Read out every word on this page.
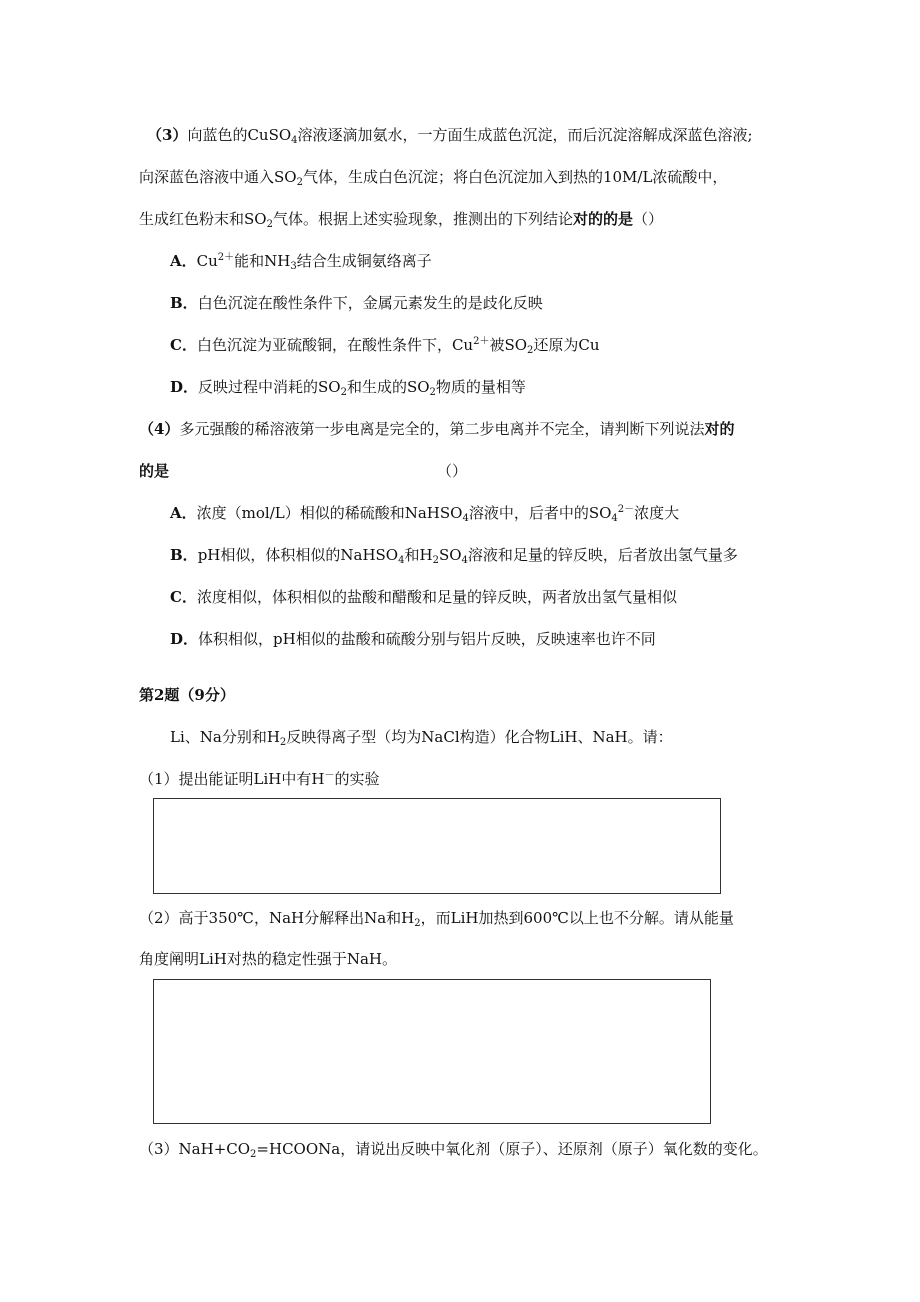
（3）向蓝色的CuSO$_4$溶液逐滴加氨水，一方面生成蓝色沉淀，而后沉淀溶解成深蓝色溶液;
向深蓝色溶液中通入$SO_2$气体，生成白色沉淀；将白色沉淀加入到热的10M/L浓硫酸中，
生成红色粉末和$SO_2$气体。根据上述实验现象，推测出的下列结论对的的是（）
A．$Cu^{2+}$能和$NH_3$结合生成铜氨络离子
B．白色沉淀在酸性条件下，金属元素发生的是歧化反映
C．白色沉淀为亚硫酸铜，在酸性条件下，$Cu^{2+}$被$SO_2$还原为Cu
D．反映过程中消耗的$SO_2$和生成的$SO_2$物质的量相等
（4）多元强酸的稀溶液第一步电离是完全的，第二步电离并不完全，请判断下列说法对的
的是	（）
A．浓度（mol/L）相似的稀硫酸和NaHSO$_4$溶液中，后者中的$SO_4^{2-}$浓度大
B．pH相似，体积相似的NaHSO$_4$和$H_2SO_4$溶液和足量的锌反映，后者放出氢气量多
C．浓度相似，体积相似的盐酸和醋酸和足量的锌反映，两者放出氢气量相似
D．体积相似，pH相似的盐酸和硫酸分别与铝片反映，反映速率也许不同
第2题（9分）
Li、Na分别和$H_2$反映得离子型（均为NaCl构造）化合物LiH、NaH。请：
（1）提出能证明LiH中有H－的实验
（2）高于350℃，NaH分解释出Na和$H_2$，而LiH加热到600℃以上也不分解。请从能量
角度阐明LiH对热的稳定性强于NaH。
$(3)NaH+CO_2=HCOONa$，请说出反映中氧化剂（原子）、还原剂（原子）氧化数的变化。
